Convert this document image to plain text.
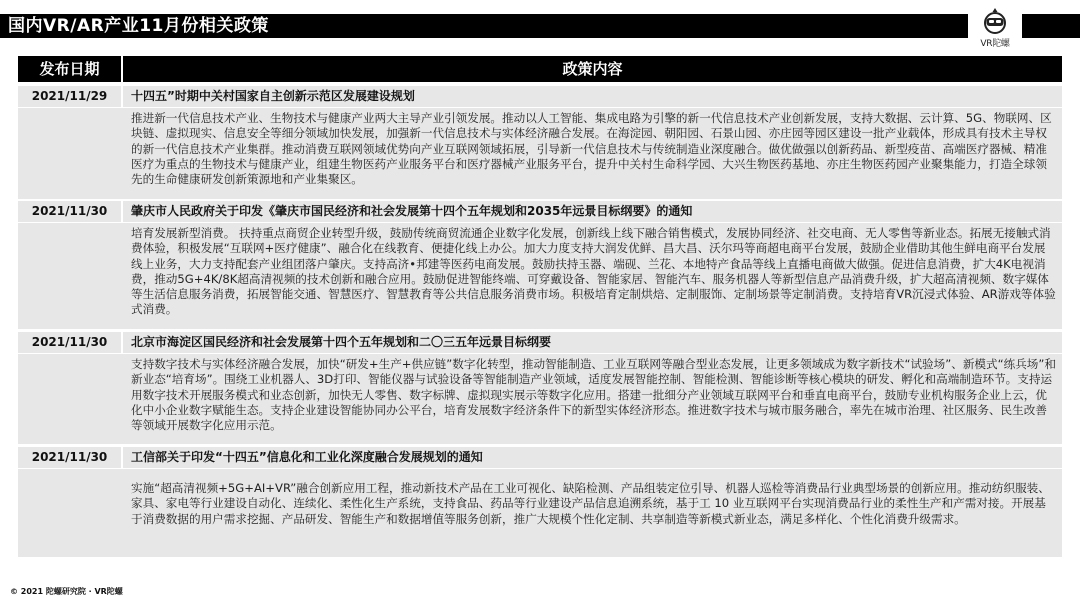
国内VR/AR产业11月份相关政策
VR陀螺
发布日期	政策内容
2021/11/29	十四五”时期中关村国家自主创新示范区发展建设规划
推进新一代信息技术产业、生物技术与健康产业两大主导产业引领发展。推动以人工智能、集成电路为引擎的新一代信息技术产业创新发展，支持大数据、云计算、5G、物联网、区块链、虚拟现实、信息安全等细分领域加快发展，加强新一代信息技术与实体经济融合发展。在海淀园、朝阳园、石景山园、亦庄园等园区建设一批产业载体，形成具有技术主导权的新一代信息技术产业集群。推动消费互联网领域优势向产业互联网领域拓展，引导新一代信息技术与传统制造业深度融合。做优做强以创新药品、新型疫苗、高端医疗器械、精准医疗为重点的生物技术与健康产业，组建生物医药产业服务平台和医疗器械产业服务平台，提升中关村生命科学园、大兴生物医药基地、亦庄生物医药园产业聚集能力，打造全球领先的生命健康研发创新策源地和产业集聚区。
2021/11/30	肇庆市人民政府关于印发《肇庆市国民经济和社会发展第十四个五年规划和2035年远景目标纲要》的通知
培育发展新型消费。 扶持重点商贸企业转型升级，鼓励传统商贸流通企业数字化发展，创新线上线下融合销售模式，发展协同经济、社交电商、无人零售等新业态。拓展无接触式消费体验，积极发展“互联网+医疗健康”、融合化在线教育、便捷化线上办公。加大力度支持大润发优鲜、昌大昌、沃尔玛等商超电商平台发展，鼓励企业借助其他生鲜电商平台发展线上业务，大力支持配套产业组团落户肇庆。支持高济•邦建等医药电商发展。鼓励扶持玉器、端砚、兰花、本地特产食品等线上直播电商做大做强。促进信息消费，扩大4K电视消费，推动5G+4K/8K超高清视频的技术创新和融合应用。鼓励促进智能终端、可穿戴设备、智能家居、智能汽车、服务机器人等新型信息产品消费升级，扩大超高清视频、数字媒体等生活信息服务消费，拓展智能交通、智慧医疗、智慧教育等公共信息服务消费市场。积极培育定制烘焙、定制服饰、定制场景等定制消费。支持培育VR沉浸式体验、AR游戏等体验式消费。
2021/11/30	北京市海淀区国民经济和社会发展第十四个五年规划和二〇三五年远景目标纲要
支持数字技术与实体经济融合发展，加快“研发+生产+供应链”数字化转型，推动智能制造、工业互联网等融合型业态发展，让更多领域成为数字新技术“试验场”、新模式“练兵场”和新业态“培育场”。围绕工业机器人、3D打印、智能仪器与试验设备等智能制造产业领域，适度发展智能控制、智能检测、智能诊断等核心模块的研发、孵化和高端制造环节。支持运用数字技术开展服务模式和业态创新，加快无人零售、数字标牌、虚拟现实展示等数字化应用。搭建一批细分产业领域互联网平台和垂直电商平台，鼓励专业机构服务企业上云，优化中小企业数字赋能生态。支持企业建设智能协同办公平台，培育发展数字经济条件下的新型实体经济形态。推进数字技术与城市服务融合，率先在城市治理、社区服务、民生改善等领域开展数字化应用示范。
2021/11/30	工信部关于印发“十四五”信息化和工业化深度融合发展规划的通知
实施“超高清视频+5G+AI+VR”融合创新应用工程，推动新技术产品在工业可视化、缺陷检测、产品组装定位引导、机器人巡检等消费品行业典型场景的创新应用。推动纺织服装、家具、家电等行业建设自动化、连续化、柔性化生产系统，支持食品、药品等行业建设产品信息追溯系统，基于工 10 业互联网平台实现消费品行业的柔性生产和产需对接。开展基于消费数据的用户需求挖掘、产品研发、智能生产和数据增值等服务创新，推广大规模个性化定制、共享制造等新模式新业态，满足多样化、个性化消费升级需求。
© 2021 陀螺研究院 · VR陀螺
